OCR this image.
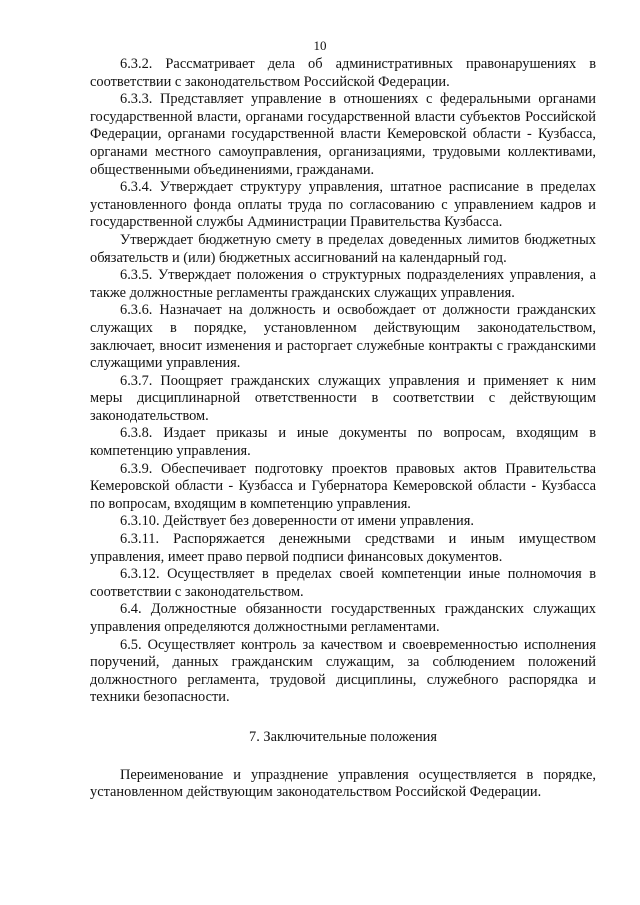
10

6.3.2. Рассматривает дела об административных правонарушениях в соответствии с законодательством Российской Федерации.

6.3.3. Представляет управление в отношениях с федеральными органами государственной власти, органами государственной власти субъектов Российской Федерации, органами государственной власти Кемеровской области - Кузбасса, органами местного самоуправления, организациями, трудовыми коллективами, общественными объединениями, гражданами.

6.3.4. Утверждает структуру управления, штатное расписание в пределах установленного фонда оплаты труда по согласованию с управлением кадров и государственной службы Администрации Правительства Кузбасса.

Утверждает бюджетную смету в пределах доведенных лимитов бюджетных обязательств и (или) бюджетных ассигнований на календарный год.

6.3.5. Утверждает положения о структурных подразделениях управления, а также должностные регламенты гражданских служащих управления.

6.3.6. Назначает на должность и освобождает от должности гражданских служащих в порядке, установленном действующим законодательством, заключает, вносит изменения и расторгает служебные контракты с гражданскими служащими управления.

6.3.7. Поощряет гражданских служащих управления и применяет к ним меры дисциплинарной ответственности в соответствии с действующим законодательством.

6.3.8. Издает приказы и иные документы по вопросам, входящим в компетенцию управления.

6.3.9. Обеспечивает подготовку проектов правовых актов Правительства Кемеровской области - Кузбасса и Губернатора Кемеровской области - Кузбасса по вопросам, входящим в компетенцию управления.

6.3.10. Действует без доверенности от имени управления.

6.3.11. Распоряжается денежными средствами и иным имуществом управления, имеет право первой подписи финансовых документов.

6.3.12. Осуществляет в пределах своей компетенции иные полномочия в соответствии с законодательством.

6.4. Должностные обязанности государственных гражданских служащих управления определяются должностными регламентами.

6.5. Осуществляет контроль за качеством и своевременностью исполнения поручений, данных гражданским служащим, за соблюдением положений должностного регламента, трудовой дисциплины, служебного распорядка и техники безопасности.

7. Заключительные положения

Переименование и упразднение управления осуществляется в порядке, установленном действующим законодательством Российской Федерации.
